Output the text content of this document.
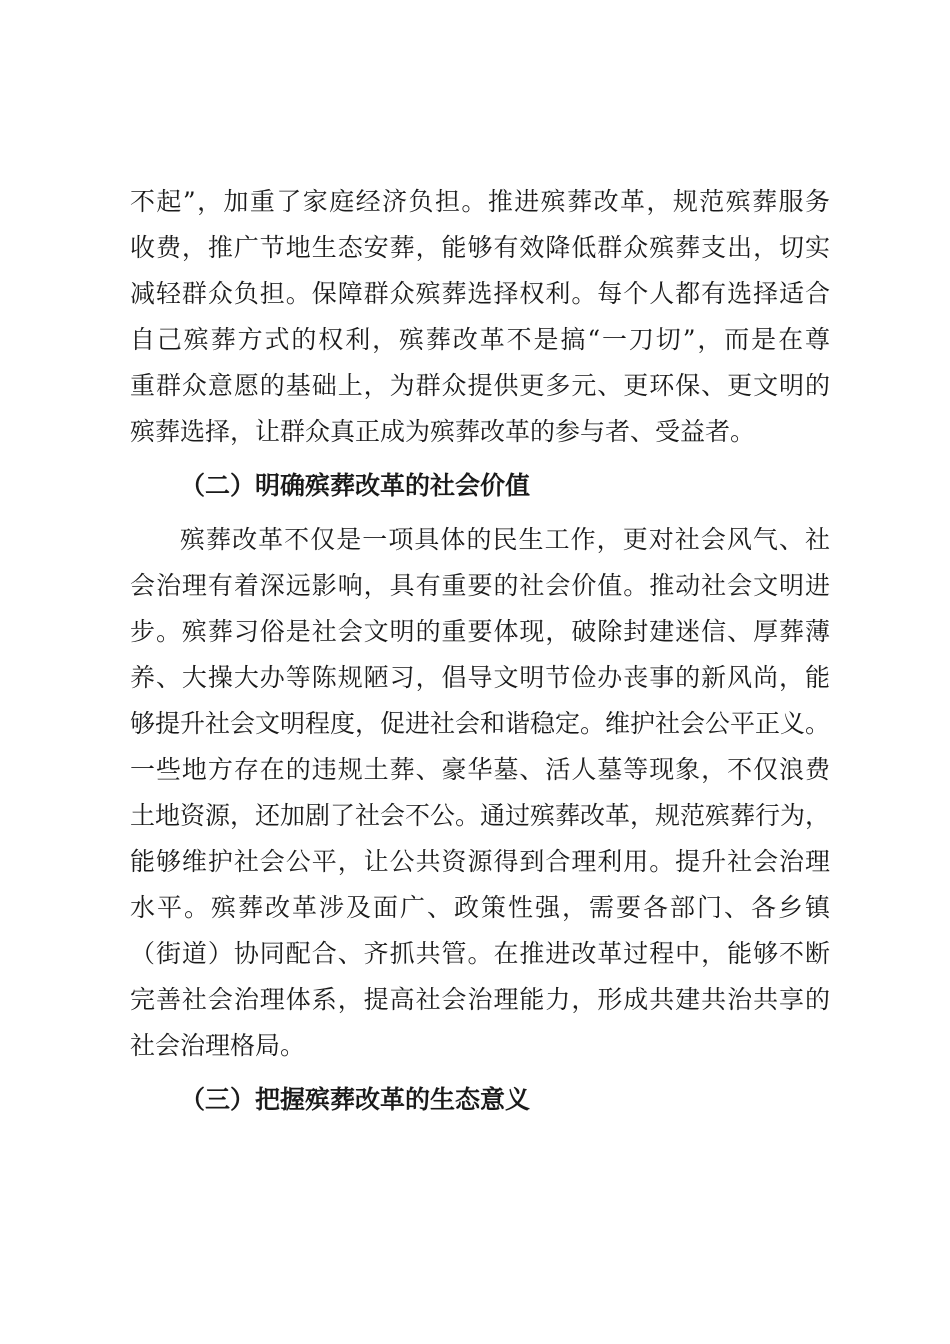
不起”，加重了家庭经济负担。推进殡葬改革，规范殡葬服务
收费，推广节地生态安葬，能够有效降低群众殡葬支出，切实
减轻群众负担。保障群众殡葬选择权利。每个人都有选择适合
自己殡葬方式的权利，殡葬改革不是搞“一刀切”，而是在尊
重群众意愿的基础上，为群众提供更多元、更环保、更文明的
殡葬选择，让群众真正成为殡葬改革的参与者、受益者。
（二）明确殡葬改革的社会价值
殡葬改革不仅是一项具体的民生工作，更对社会风气、社
会治理有着深远影响，具有重要的社会价值。推动社会文明进
步。殡葬习俗是社会文明的重要体现，破除封建迷信、厚葬薄
养、大操大办等陈规陋习，倡导文明节俭办丧事的新风尚，能
够提升社会文明程度，促进社会和谐稳定。维护社会公平正义。
一些地方存在的违规土葬、豪华墓、活人墓等现象，不仅浪费
土地资源，还加剧了社会不公。通过殡葬改革，规范殡葬行为，
能够维护社会公平，让公共资源得到合理利用。提升社会治理
水平。殡葬改革涉及面广、政策性强，需要各部门、各乡镇
（街道）协同配合、齐抓共管。在推进改革过程中，能够不断
完善社会治理体系，提高社会治理能力，形成共建共治共享的
社会治理格局。
（三）把握殡葬改革的生态意义
